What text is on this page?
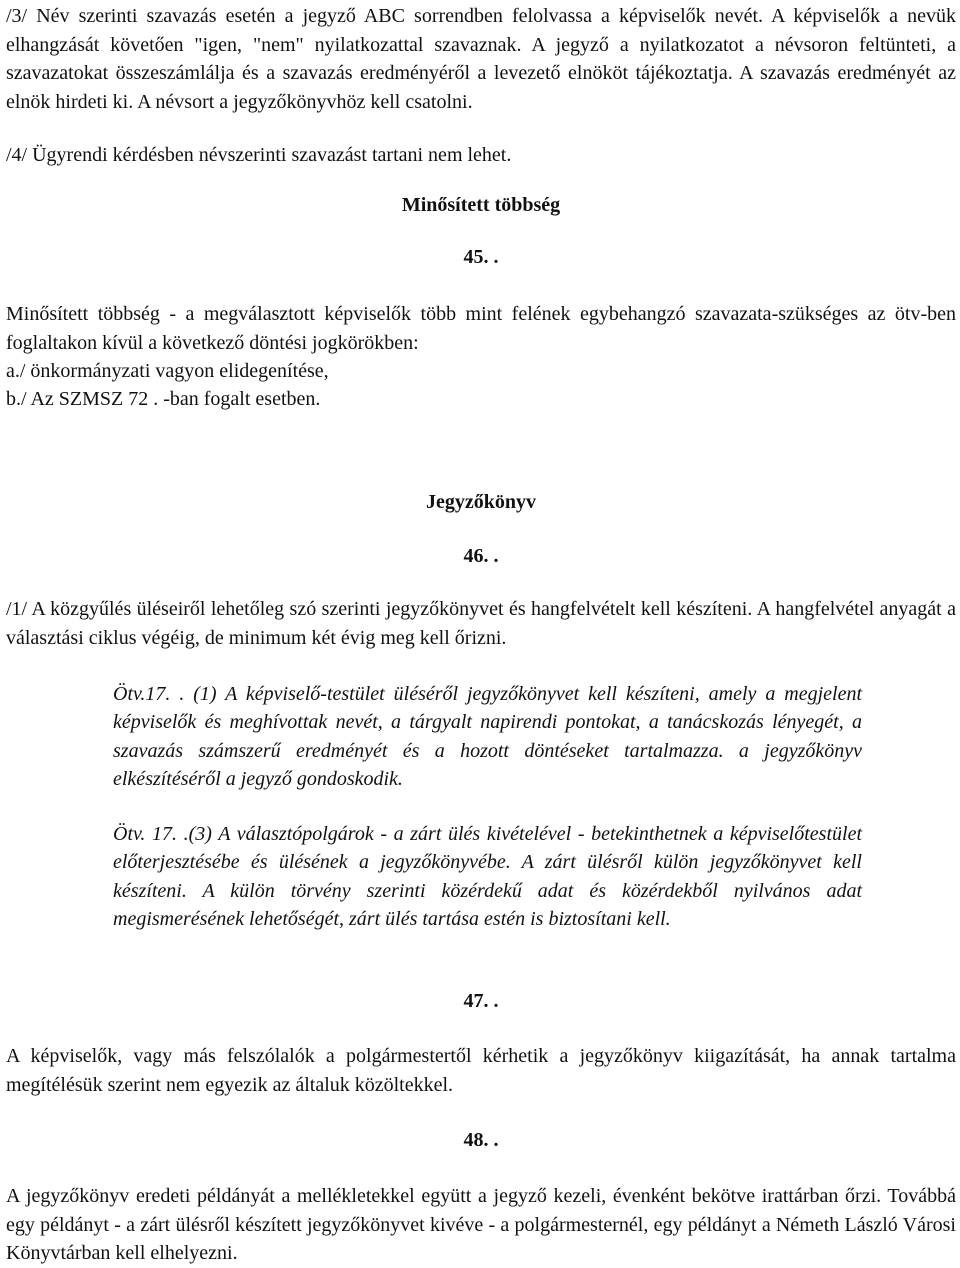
/3/ Név szerinti szavazás esetén a jegyző ABC sorrendben felolvassa a képviselők nevét. A képviselők a nevük elhangzását követően "igen, "nem" nyilatkozattal szavaznak. A jegyző a nyilatkozatot a névsoron feltünteti, a szavazatokat összeszámlálja és a szavazás eredményéről a levezető elnököt tájékoztatja. A szavazás eredményét az elnök hirdeti ki. A névsort a jegyzőkönyvhöz kell csatolni.
/4/ Ügyrendi kérdésben névszerinti szavazást tartani nem lehet.
Minősített többség
45. .
Minősített többség - a megválasztott képviselők több mint felének egybehangzó szavazata-szükséges az ötv-ben foglaltakon kívül a következő döntési jogkörökben:
a./ önkormányzati vagyon elidegenítése,
b./ Az SZMSZ 72 . -ban fogalt esetben.
Jegyzőkönyv
46. .
/1/ A közgyűlés üléseiről lehetőleg szó szerinti jegyzőkönyvet és hangfelvételt kell készíteni. A hangfelvétel anyagát a választási ciklus végéig, de minimum két évig meg kell őrizni.
Ötv.17. . (1) A képviselő-testület üléséről jegyzőkönyvet kell készíteni, amely a megjelent képviselők és meghívottak nevét, a tárgyalt napirendi pontokat, a tanácskozás lényegét, a szavazás számszerű eredményét és a hozott döntéseket tartalmazza. a jegyzőkönyv elkészítéséről a jegyző gondoskodik.
Ötv. 17. .(3) A választópolgárok - a zárt ülés kivételével - betekinthetnek a képviselőtestület előterjesztésébe és ülésének a jegyzőkönyvébe. A zárt ülésről külön jegyzőkönyvet kell készíteni. A külön törvény szerinti közérdekű adat és közérdekből nyilvános adat megismerésének lehetőségét, zárt ülés tartása estén is biztosítani kell.
47. .
A képviselők, vagy más felszólalók a polgármestertől kérhetik a jegyzőkönyv kiigazítását, ha annak tartalma megítélésük szerint nem egyezik az általuk közöltekkel.
48. .
A jegyzőkönyv eredeti példányát a mellékletekkel együtt a jegyző kezeli, évenként bekötve irattárban őrzi. Továbbá egy példányt - a zárt ülésről készített jegyzőkönyvet kivéve - a polgármesternél, egy példányt a Németh László Városi Könyvtárban kell elhelyezni.
